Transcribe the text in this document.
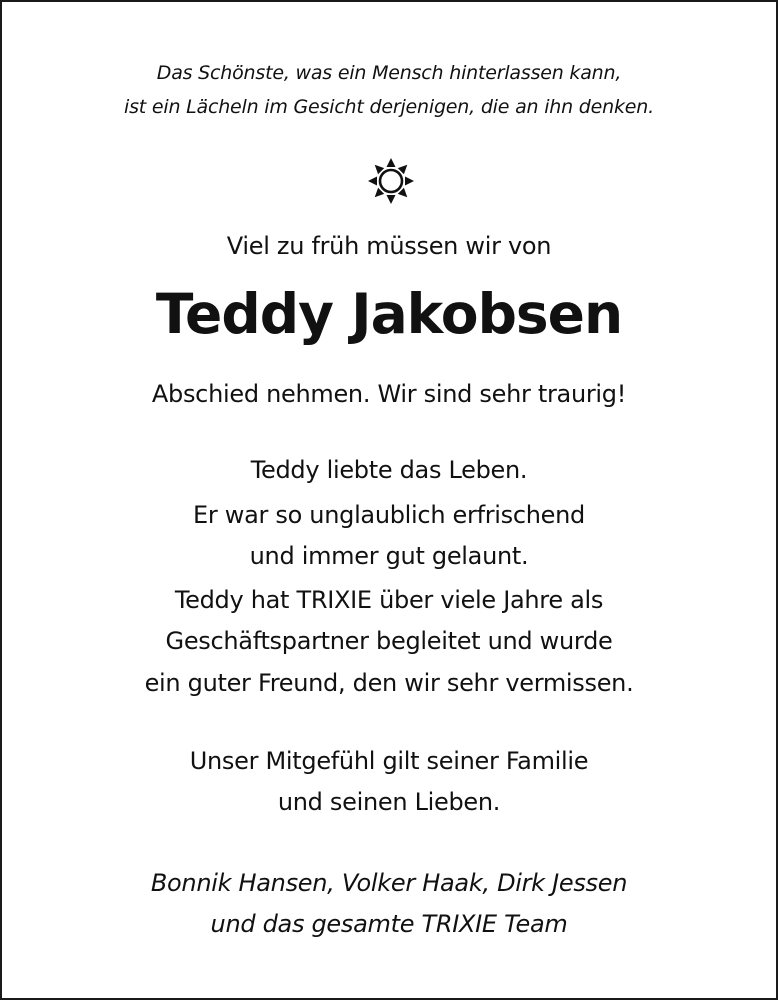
Das Schönste, was ein Mensch hinterlassen kann,
ist ein Lächeln im Gesicht derjenigen, die an ihn denken.
Viel zu früh müssen wir von
Teddy Jakobsen
Abschied nehmen. Wir sind sehr traurig!
Teddy liebte das Leben.
Er war so unglaublich erfrischend
und immer gut gelaunt.
Teddy hat TRIXIE über viele Jahre als
Geschäftspartner begleitet und wurde
ein guter Freund, den wir sehr vermissen.
Unser Mitgefühl gilt seiner Familie
und seinen Lieben.
Bonnik Hansen, Volker Haak, Dirk Jessen
und das gesamte TRIXIE Team
